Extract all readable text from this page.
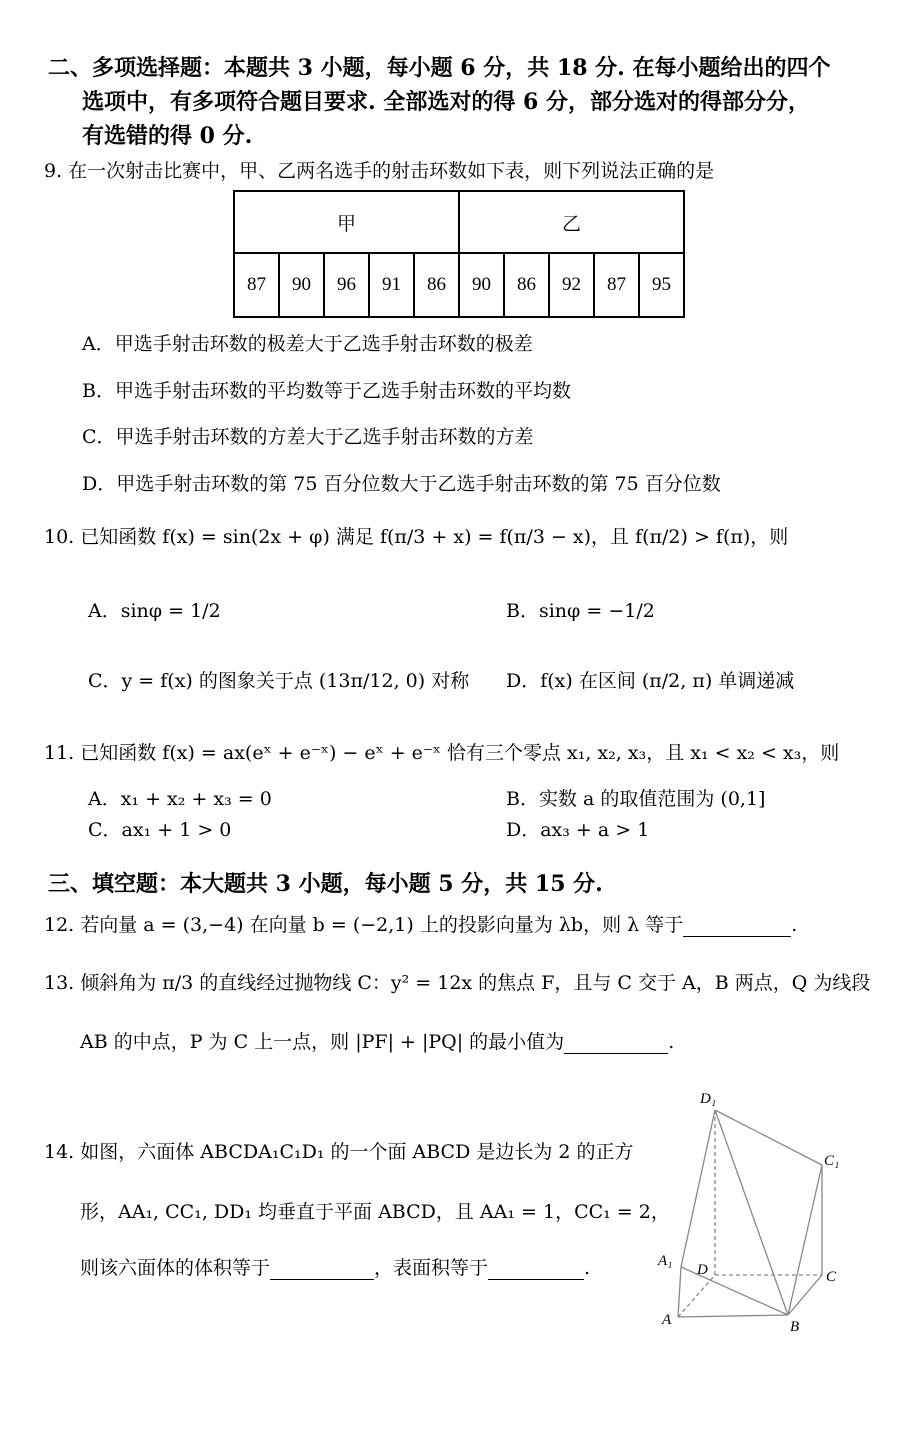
二、多项选择题：本题共 3 小题，每小题 6 分，共 18 分. 在每小题给出的四个
选项中，有多项符合题目要求. 全部选对的得 6 分，部分选对的得部分分，
有选错的得 0 分.
9. 在一次射击比赛中，甲、乙两名选手的射击环数如下表，则下列说法正确的是
甲					乙				
87	90	96	91	86	90	86	92	87	95
A．甲选手射击环数的极差大于乙选手射击环数的极差
B．甲选手射击环数的平均数等于乙选手射击环数的平均数
C．甲选手射击环数的方差大于乙选手射击环数的方差
D．甲选手射击环数的第 75 百分位数大于乙选手射击环数的第 75 百分位数
10. 已知函数 f(x) = sin(2x + φ) 满足 f(π/3 + x) = f(π/3 − x)，且 f(π/2) > f(π)，则
A．sinφ = 1/2	B．sinφ = −1/2
C．y = f(x) 的图象关于点 (13π/12, 0) 对称 D．f(x) 在区间 (π/2, π) 单调递减
11. 已知函数 f(x) = ax(eˣ + e⁻ˣ) − eˣ + e⁻ˣ 恰有三个零点 x₁, x₂, x₃，且 x₁ < x₂ < x₃，则
A．x₁ + x₂ + x₃ = 0	B．实数 a 的取值范围为 (0,1]
C．ax₁ + 1 > 0	D．ax₃ + a > 1
三、填空题：本大题共 3 小题，每小题 5 分，共 15 分.
12. 若向量 a = (3,−4) 在向量 b = (−2,1) 上的投影向量为 λb，则 λ 等于	.
13. 倾斜角为 π/3 的直线经过抛物线 C：y² = 12x 的焦点 F，且与 C 交于 A，B 两点，Q 为线段
AB 的中点，P 为 C 上一点，则 |PF| + |PQ| 的最小值为	.
14. 如图，六面体 ABCDA₁C₁D₁ 的一个面 ABCD 是边长为 2 的正方
形，AA₁, CC₁, DD₁ 均垂直于平面 ABCD，且 AA₁ = 1，CC₁ = 2，
则该六面体的体积等于	，表面积等于	.
D₁
C₁
A₁
D	C
A	B
